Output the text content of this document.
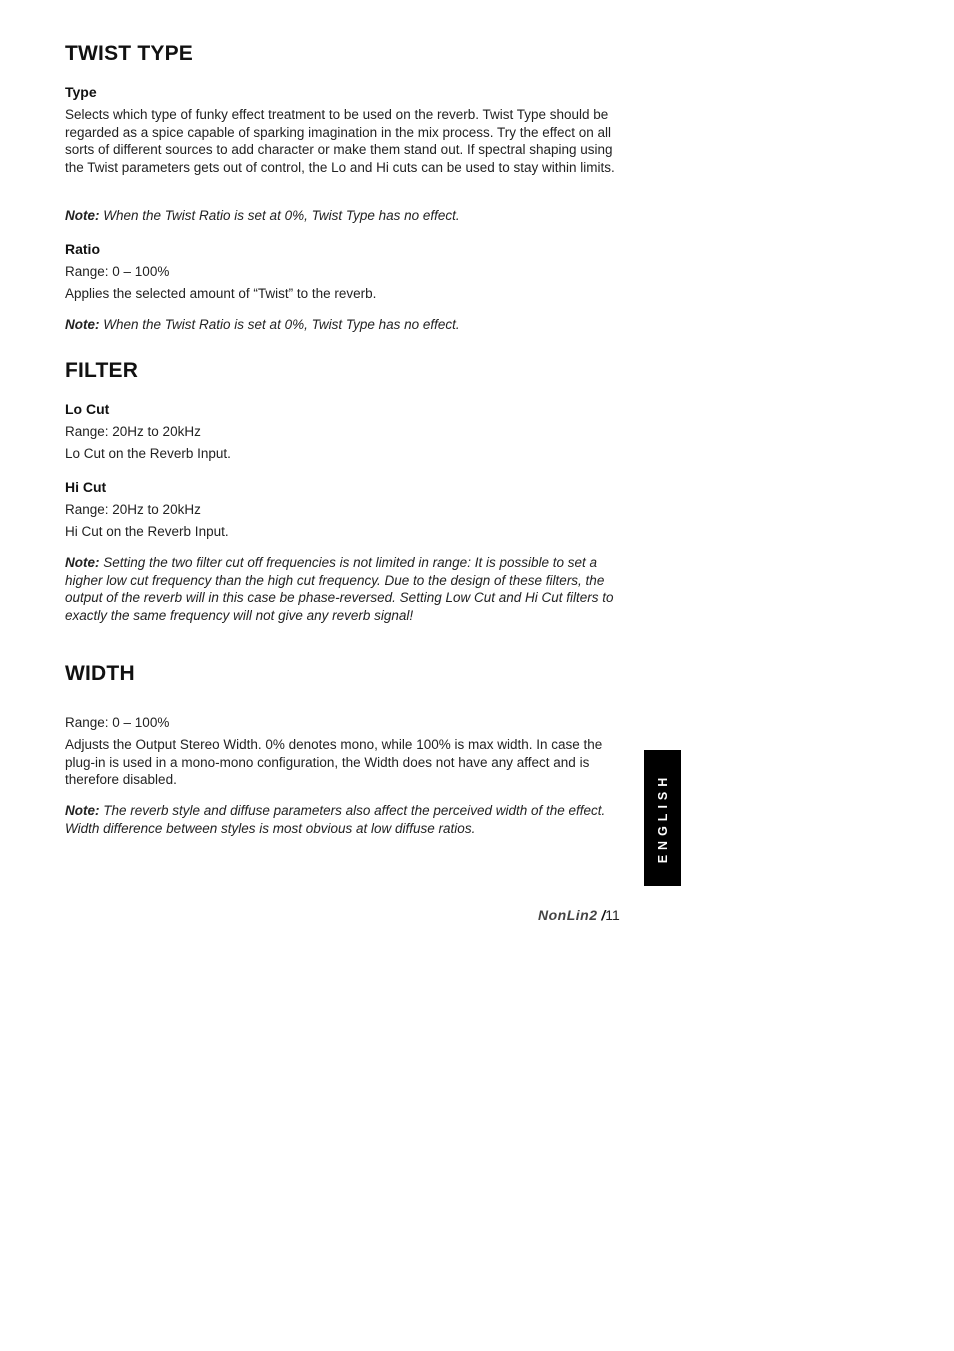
TWIST TYPE
Type

Selects which type of funky effect treatment to be used on the reverb. Twist Type should be regarded as a spice capable of sparking imagination in the mix process. Try the effect on all sorts of different sources to add character or make them stand out. If spectral shaping using the Twist parameters gets out of control, the Lo and Hi cuts can be used to stay within limits.

Note: When the Twist Ratio is set at 0%, Twist Type has no effect.

Ratio

Range: 0 – 100%

Applies the selected amount of “Twist” to the reverb.

Note: When the Twist Ratio is set at 0%, Twist Type has no effect.

FILTER
Lo Cut

Range: 20Hz to 20kHz

Lo Cut on the Reverb Input.

Hi Cut

Range: 20Hz to 20kHz

Hi Cut on the Reverb Input.

Note: Setting the two filter cut off frequencies is not limited in range: It is possible to set a higher low cut frequency than the high cut frequency. Due to the design of these filters, the output of the reverb will in this case be phase-reversed. Setting Low Cut and Hi Cut filters to exactly the same frequency will not give any reverb signal!

WIDTH

Range: 0 – 100%

Adjusts the Output Stereo Width. 0% denotes mono, while 100% is max width. In case the plug-in is used in a mono-mono configuration, the Width does not have any affect and is therefore disabled.

Note: The reverb style and diffuse parameters also affect the perceived width of the effect. Width difference between styles is most obvious at low diffuse ratios.	ENGLISH
NonLin2 /11
